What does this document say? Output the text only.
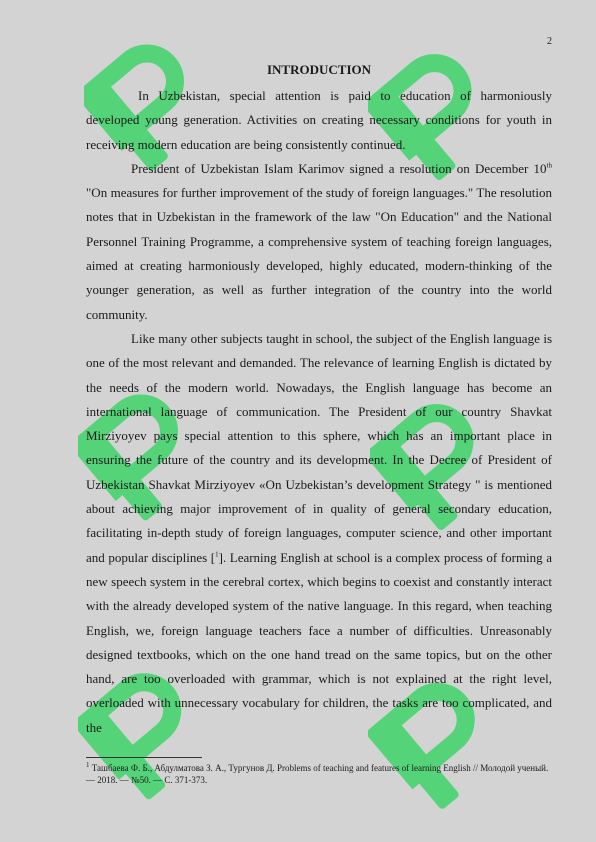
2
INTRODUCTION

In Uzbekistan, special attention is paid to education of harmoniously developed young generation. Activities on creating necessary conditions for youth in receiving modern education are being consistently continued.

President of Uzbekistan Islam Karimov signed a resolution on December 10th "On measures for further improvement of the study of foreign languages." The resolution notes that in Uzbekistan in the framework of the law "On Education" and the National Personnel Training Programme, a comprehensive system of teaching foreign languages, aimed at creating harmoniously developed, highly educated, modern-thinking of the younger generation, as well as further integration of the country into the world community.

Like many other subjects taught in school, the subject of the English language is one of the most relevant and demanded. The relevance of learning English is dictated by the needs of the modern world. Nowadays, the English language has become an international language of communication. The President of our country Shavkat Mirziyoyev pays special attention to this sphere, which has an important place in ensuring the future of the country and its development. In the Decree of President of Uzbekistan Shavkat Mirziyoyev «On Uzbekistan’s development Strategy " is mentioned about achieving major improvement of in quality of general secondary education, facilitating in-depth study of foreign languages, computer science, and other important and popular disciplines [$^1$]. Learning English at school is a complex process of forming a new speech system in the cerebral cortex, which begins to coexist and constantly interact with the already developed system of the native language. In this regard, when teaching English, we, foreign language teachers face a number of difficulties. Unreasonably designed textbooks, which on the one hand tread on the same topics, but on the other hand, are too overloaded with grammar, which is not explained at the right level, overloaded with unnecessary vocabulary for children, the tasks are too complicated, and the

$^1$ Ташбаева Ф. Б., Абдулматова З. А., Тургунов Д. Problems of teaching and features of learning English // Молодой ученый. — 2018. — №50. — С. 371-373.
